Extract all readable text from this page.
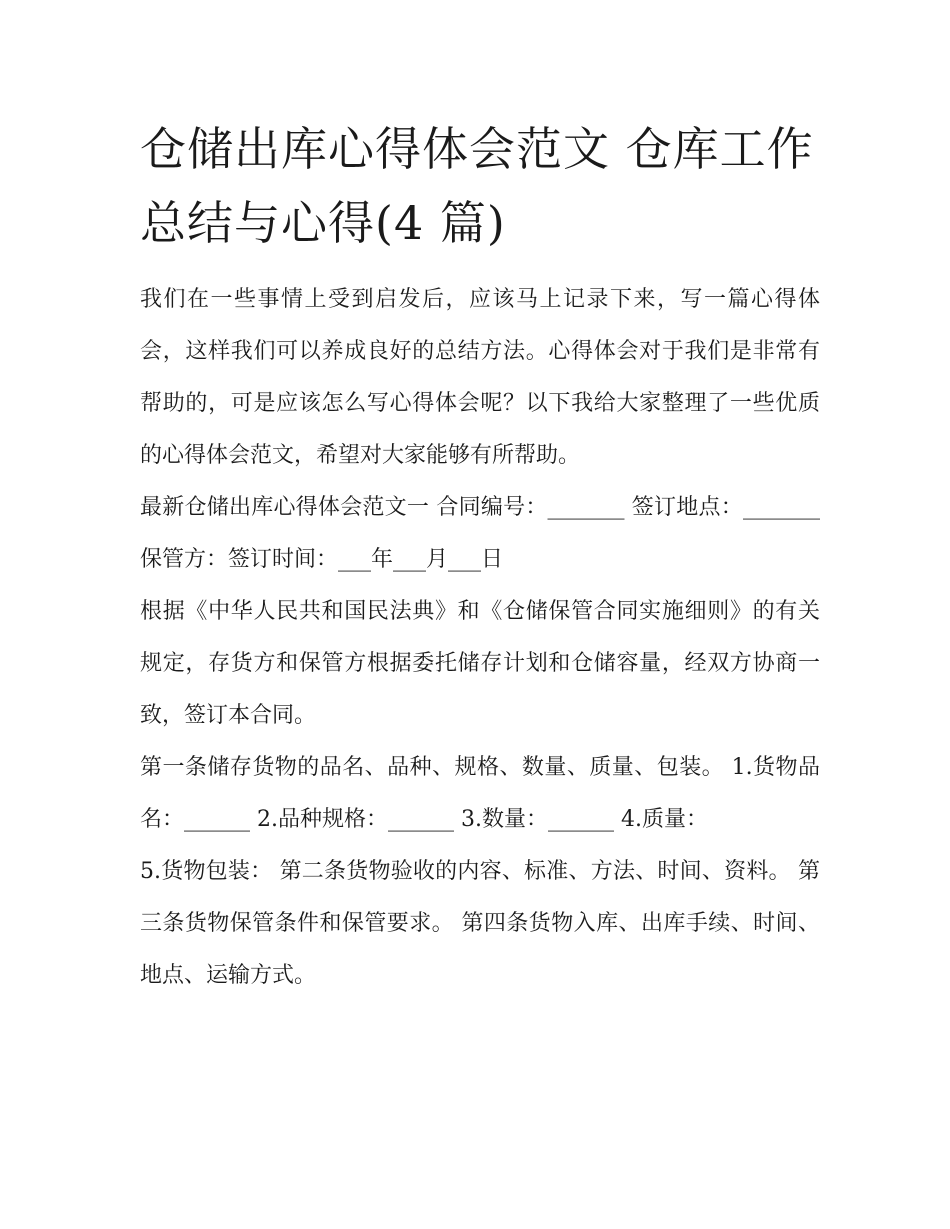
仓储出库心得体会范文 仓库工作总结与心得(4 篇)

我们在一些事情上受到启发后，应该马上记录下来，写一篇心得体会，这样我们可以养成良好的总结方法。心得体会对于我们是非常有帮助的，可是应该怎么写心得体会呢？以下我给大家整理了一些优质的心得体会范文，希望对大家能够有所帮助。

最新仓储出库心得体会范文一 合同编号：_______ 签订地点：_______ 保管方：签订时间：___年___月___日

根据《中华人民共和国民法典》和《仓储保管合同实施细则》的有关规定，存货方和保管方根据委托储存计划和仓储容量，经双方协商一致，签订本合同。

第一条储存货物的品名、品种、规格、数量、质量、包装。 1.货物品名：______ 2.品种规格：______ 3.数量：______ 4.质量：

5.货物包装： 第二条货物验收的内容、标准、方法、时间、资料。 第三条货物保管条件和保管要求。 第四条货物入库、出库手续、时间、地点、运输方式。
